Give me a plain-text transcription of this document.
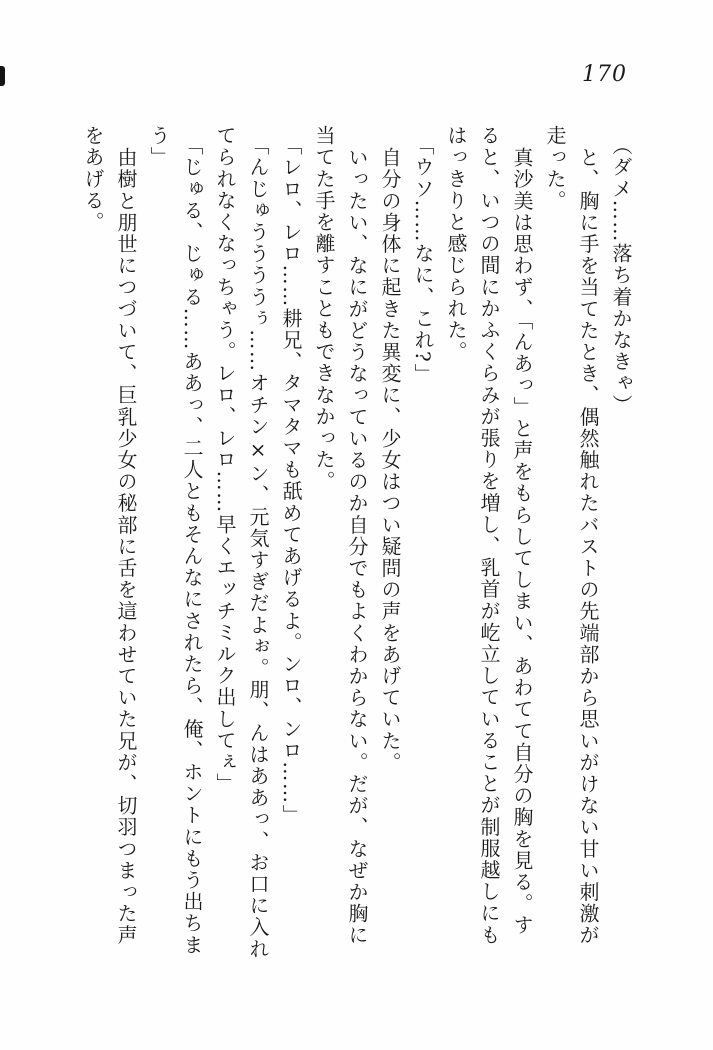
170
（ダメ……落ち着かなきゃ）
と、胸に手を当てたとき、偶然触れたバストの先端部から思いがけない甘い刺激が
走った。
真沙美は思わず、「んあっ」と声をもらしてしまい、あわてて自分の胸を見る。す
ると、いつの間にかふくらみが張りを増し、乳首が屹立していることが制服越しにも
はっきりと感じられた。
「ウソ……なに、これ?」
自分の身体に起きた異変に、少女はつい疑問の声をあげていた。
いったい、なにがどうなっているのか自分でもよくわからない。だが、なぜか胸に
当てた手を離すこともできなかった。
「レロ、レロ……耕兄、タマタマも舐めてあげるよ。ンロ、ンロ……」
「んじゅううううぅ……オチン×ン、元気すぎだよぉ。朋、んはああっ、お口に入れ
てられなくなっちゃう。レロ、レロ……早くエッチミルク出してぇ」
「じゅる、じゅる……ああっ、二人ともそんなにされたら、俺、ホントにもう出ちま
う」
由樹と朋世につづいて、巨乳少女の秘部に舌を這わせていた兄が、切羽つまった声
をあげる。
